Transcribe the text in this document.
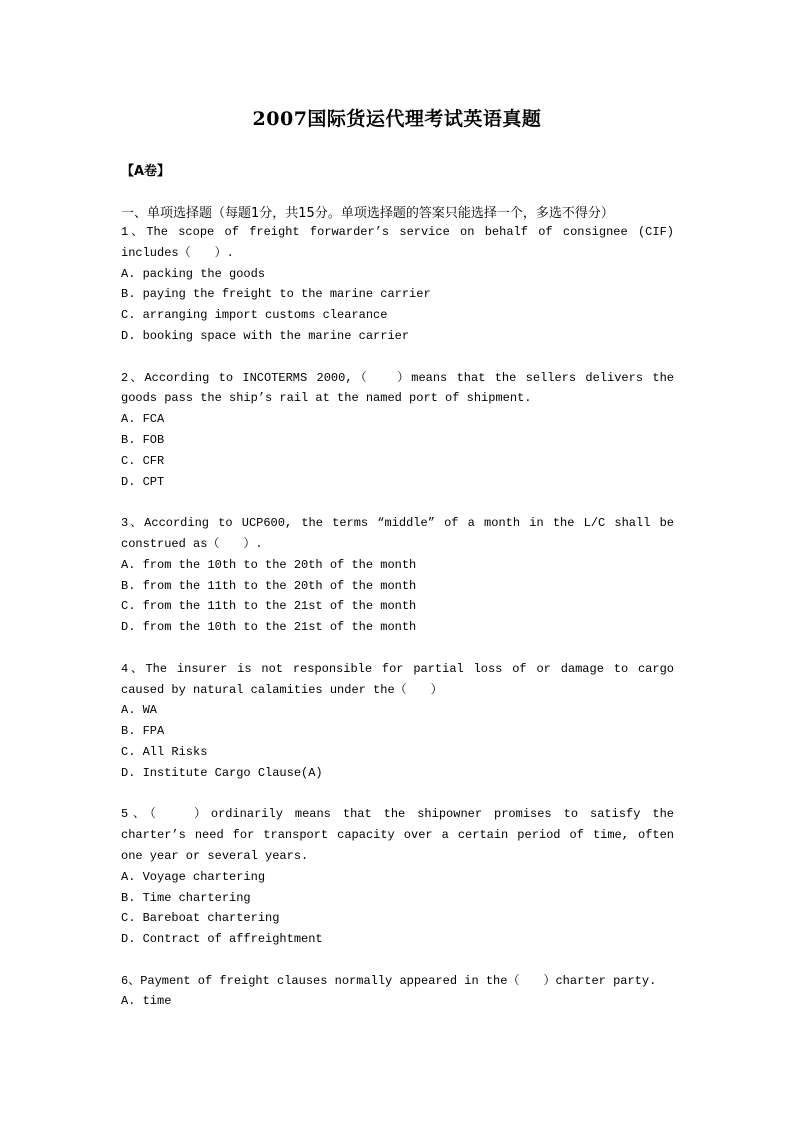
2007国际货运代理考试英语真题
【A卷】
一、单项选择题（每题1分，共15分。单项选择题的答案只能选择一个，多选不得分）
1、The scope of freight forwarder’s service on behalf of consignee (CIF) includes（　　）.
A. packing the goods
B. paying the freight to the marine carrier
C. arranging import customs clearance
D. booking space with the marine carrier
2、According to INCOTERMS 2000,（　　）means that the sellers delivers the goods pass the ship’s rail at the named port of shipment.
A. FCA
B. FOB
C. CFR
D. CPT
3、According to UCP600, the terms “middle” of a month in the L/C shall be construed as（　　）.
A. from the 10th to the 20th of the month
B. from the 11th to the 20th of the month
C. from the 11th to the 21st of the month
D. from the 10th to the 21st of the month
4、The insurer is not responsible for partial loss of or damage to cargo caused by natural calamities under the（　　）
A. WA
B. FPA
C. All Risks
D. Institute Cargo Clause(A)
5、（　　）ordinarily means that the shipowner promises to satisfy the charter’s need for transport capacity over a certain period of time, often one year or several years.
A. Voyage chartering
B. Time chartering
C. Bareboat chartering
D. Contract of affreightment
6、Payment of freight clauses normally appeared in the（　　）charter party.
A. time
